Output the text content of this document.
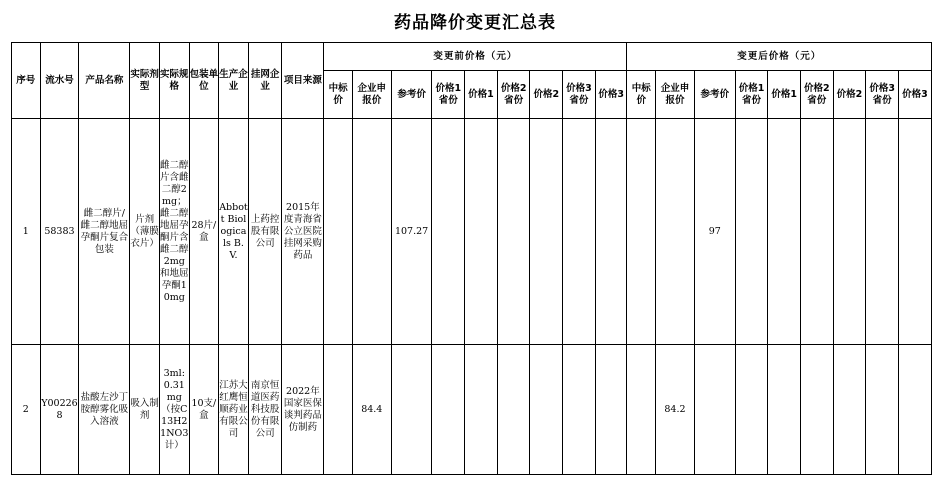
药品降价变更汇总表
序号	流水号	产品名称	实际剂型	实际规格	包装单位	生产企业	挂网企业	项目来源	变更前价格（元）									变更后价格（元）								
									中标价	企业申报价	参考价	价格1省份	价格1	价格2省份	价格2	价格3省份	价格3	中标价	企业申报价	参考价	价格1省份	价格1	价格2省份	价格2	价格3省份	价格3
1	58383	雌二醇片/雌二醇地屈孕酮片复合包装	片剂（薄膜衣片）	雌二醇片含雌二醇2mg；雌二醇地屈孕酮片含雌二醇2mg和地屈孕酮10mg	28片/盒	Abbott Biologicals B.V.	上药控股有限公司	2015年度青海省公立医院挂网采购药品			107.27									97						
2	Y002268	盐酸左沙丁胺醇雾化吸入溶液	吸入制剂	3ml:0.31mg（按C13H21NO3计）	10支/盒	江苏大红鹰恒顺药业有限公司	南京恒道医药科技股份有限公司	2022年国家医保谈判药品仿制药		84.4									84.2							
